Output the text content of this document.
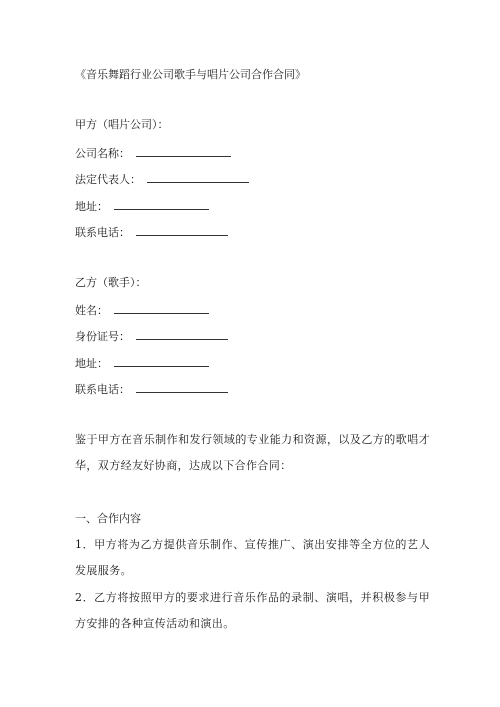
《音乐舞蹈行业公司歌手与唱片公司合作合同》
甲方（唱片公司）：
公司名称：
法定代表人：
地址：
联系电话：
乙方（歌手）：
姓名：
身份证号：
地址：
联系电话：
鉴于甲方在音乐制作和发行领域的专业能力和资源，以及乙方的歌唱才华，双方经友好协商，达成以下合作合同：
一、合作内容
1．甲方将为乙方提供音乐制作、宣传推广、演出安排等全方位的艺人发展服务。
2．乙方将按照甲方的要求进行音乐作品的录制、演唱，并积极参与甲方安排的各种宣传活动和演出。
